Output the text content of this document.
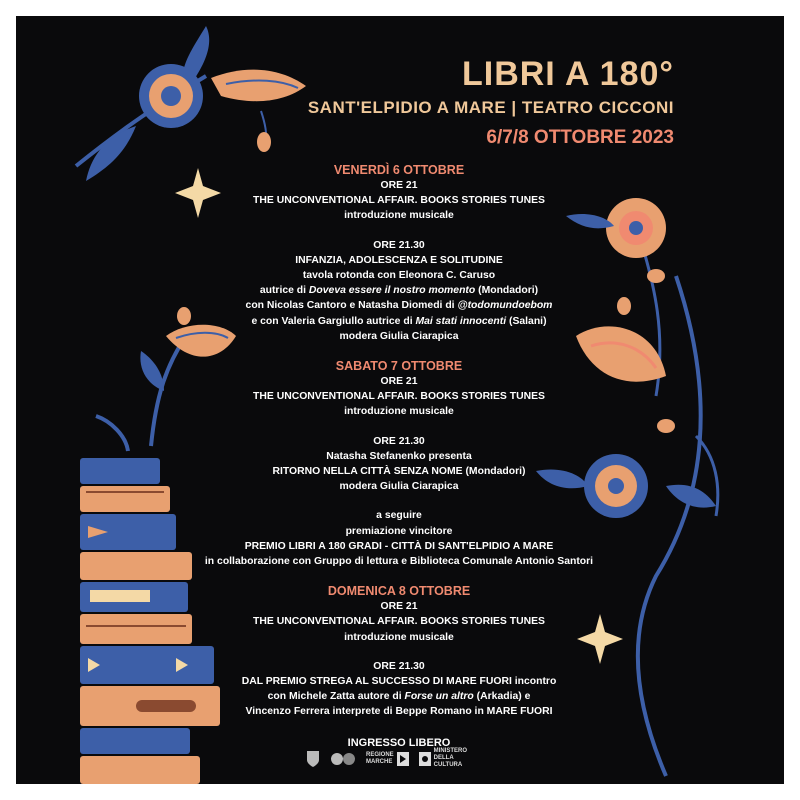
LIBRI A 180°
SANT'ELPIDIO A MARE | TEATRO CICCONI
6/7/8 OTTOBRE 2023
VENERDÌ 6 OTTOBRE
ORE 21
THE UNCONVENTIONAL AFFAIR. BOOKS STORIES TUNES
introduzione musicale
ORE 21.30
INFANZIA, ADOLESCENZA E SOLITUDINE
tavola rotonda con Eleonora C. Caruso
autrice di Doveva essere il nostro momento (Mondadori)
con Nicolas Cantoro e Natasha Diomedi di @todomundoebom
e con Valeria Gargiullo autrice di Mai stati innocenti (Salani)
modera Giulia Ciarapica
SABATO 7 OTTOBRE
ORE 21
THE UNCONVENTIONAL AFFAIR. BOOKS STORIES TUNES
introduzione musicale
ORE 21.30
Natasha Stefanenko presenta
RITORNO NELLA CITTÀ SENZA NOME (Mondadori)
modera Giulia Ciarapica
a seguire
premiazione vincitore
PREMIO LIBRI A 180 GRADI - CITTÀ DI SANT'ELPIDIO A MARE
in collaborazione con Gruppo di lettura e Biblioteca Comunale Antonio Santori
DOMENICA 8 OTTOBRE
ORE 21
THE UNCONVENTIONAL AFFAIR. BOOKS STORIES TUNES
introduzione musicale
ORE 21.30
DAL PREMIO STREGA AL SUCCESSO DI MARE FUORI incontro
con Michele Zatta autore di Forse un altro (Arkadia) e
Vincenzo Ferrera interprete di Beppe Romano in MARE FUORI
INGRESSO LIBERO
REGIONE
MARCHE
MINISTERO
DELLA
CULTURA
